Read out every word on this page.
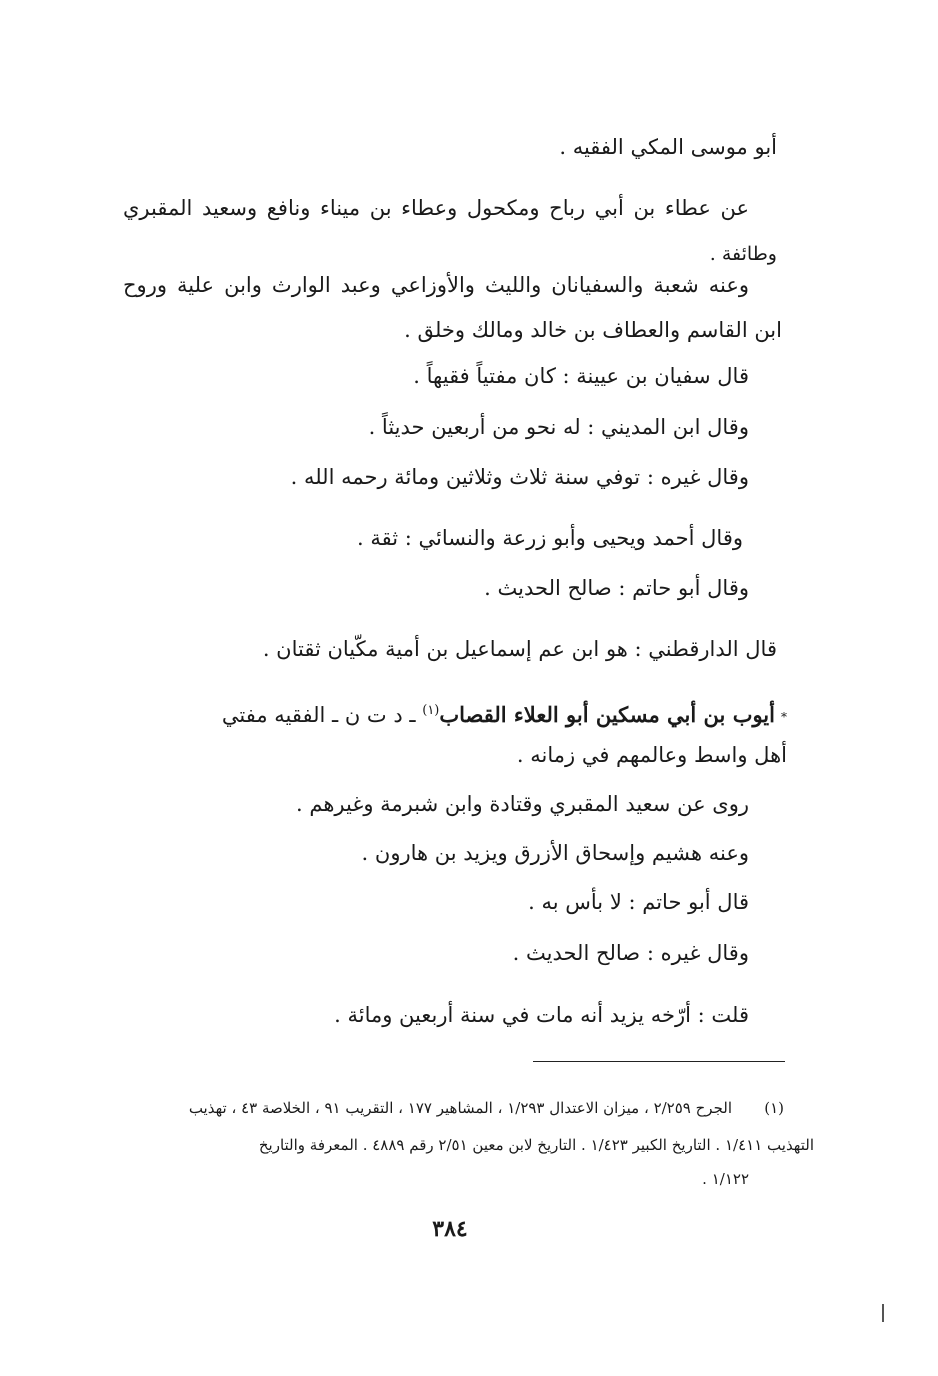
أبو موسى المكي الفقيه .
عن عطاء بن أبي رباح ومكحول وعطاء بن ميناء ونافع وسعيد المقبري
وطائفة .
وعنه شعبة والسفيانان والليث والأوزاعي وعبد الوارث وابن علية وروح
ابن القاسم والعطاف بن خالد ومالك وخلق .
قال سفيان بن عيينة : كان مفتياً فقيهاً .
وقال ابن المديني : له نحو من أربعين حديثاً .
وقال غيره : توفي سنة ثلاث وثلاثين ومائة رحمه الله .
وقال أحمد ويحيى وأبو زرعة والنسائي : ثقة .
وقال أبو حاتم : صالح الحديث .
قال الدارقطني : هو ابن عم إسماعيل بن أمية مكّيان ثقتان .
*أيوب بن أبي مسكين أبو العلاء القصاب$^{(١)}$ ـ د ت ن ـ الفقيه مفتي
أهل واسط وعالمهم في زمانه .
روى عن سعيد المقبري وقتادة وابن شبرمة وغيرهم .
وعنه هشيم وإسحاق الأزرق ويزيد بن هارون .
قال أبو حاتم : لا بأس به .
وقال غيره : صالح الحديث .
قلت : أرّخه يزيد أنه مات في سنة أربعين ومائة .
(١)
الجرح ٢/٢٥٩ ، ميزان الاعتدال ١/٢٩٣ ، المشاهير ١٧٧ ، التقريب ٩١ ، الخلاصة ٤٣ ، تهذيب
التهذيب ١/٤١١ . التاريخ الكبير ١/٤٢٣ . التاريخ لابن معين ٢/٥١ رقم ٤٨٨٩ . المعرفة والتاريخ
١/١٢٢ .
٣٨٤
